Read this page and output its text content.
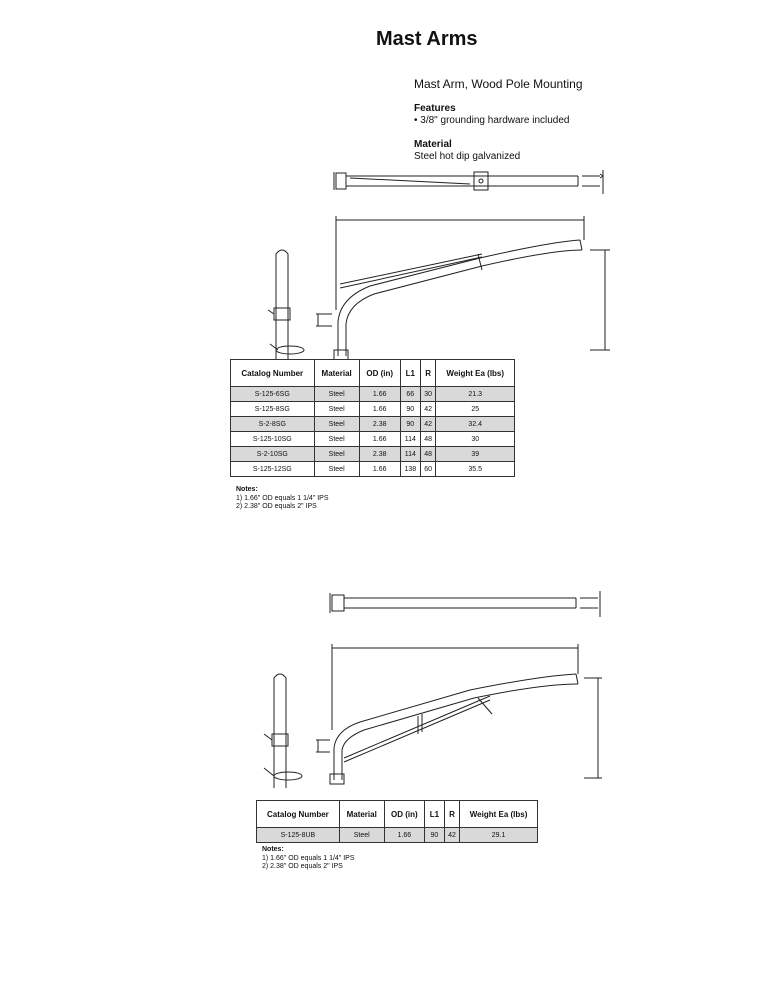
Mast Arms
Mast Arm, Wood Pole Mounting
Features
• 3/8" grounding hardware included
Material
Steel hot dip galvanized
Catalog Number	Material	OD (in)	L1	R	Weight Ea (lbs)
S-125-6SG	Steel	1.66	66	30	21.3
S-125-8SG	Steel	1.66	90	42	25
S-2-8SG	Steel	2.38	90	42	32.4
S-125-10SG	Steel	1.66	114	48	30
S-2-10SG	Steel	2.38	114	48	39
S-125-12SG	Steel	1.66	138	60	35.5
Notes:
1) 1.66" OD equals 1 1/4" IPS
2) 2.38" OD equals 2" IPS
Catalog Number	Material	OD (in)	L1	R	Weight Ea (lbs)
S-125-8UB	Steel	1.66	90	42	29.1
Notes:
1) 1.66" OD equals 1 1/4" IPS
2) 2.38" OD equals 2" IPS
